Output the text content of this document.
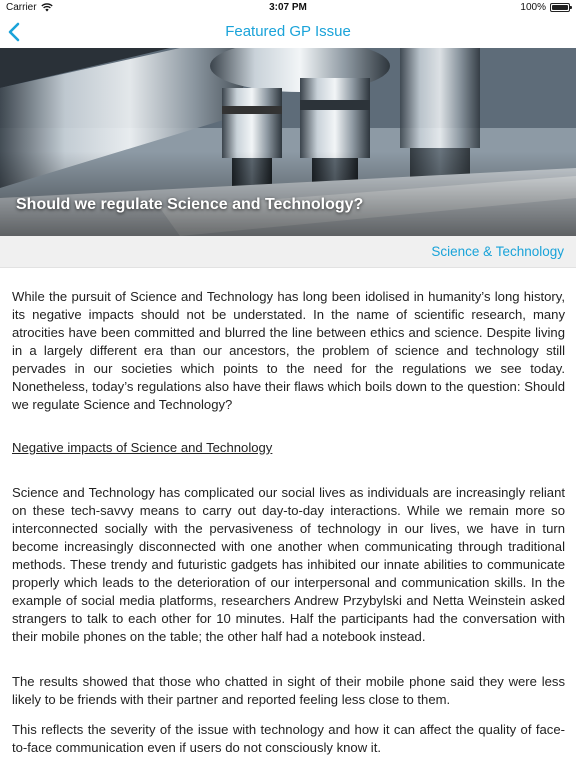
Carrier	3:07 PM	100%
Featured GP Issue
Should we regulate Science and Technology?
Science & Technology

While the pursuit of Science and Technology has long been idolised in humanity’s long history, its negative impacts should not be understated. In the name of scientific research, many atrocities have been committed and blurred the line between ethics and science. Despite living in a largely different era than our ancestors, the problem of science and technology still pervades in our societies which points to the need for the regulations we see today. Nonetheless, today’s regulations also have their flaws which boils down to the question: Should we regulate Science and Technology?

Negative impacts of Science and Technology

Science and Technology has complicated our social lives as individuals are increasingly reliant on these tech-savvy means to carry out day-to-day interactions. While we remain more so interconnected socially with the pervasiveness of technology in our lives, we have in turn become increasingly disconnected with one another when communicating through traditional methods. These trendy and futuristic gadgets has inhibited our innate abilities to communicate properly which leads to the deterioration of our interpersonal and communication skills. In the example of social media platforms, researchers Andrew Przybylski and Netta Weinstein asked strangers to talk to each other for 10 minutes. Half the participants had the conversation with their mobile phones on the table; the other half had a notebook instead.

The results showed that those who chatted in sight of their mobile phone said they were less likely to be friends with their partner and reported feeling less close to them.

This reflects the severity of the issue with technology and how it can affect the quality of face-to-face communication even if users do not consciously know it.
